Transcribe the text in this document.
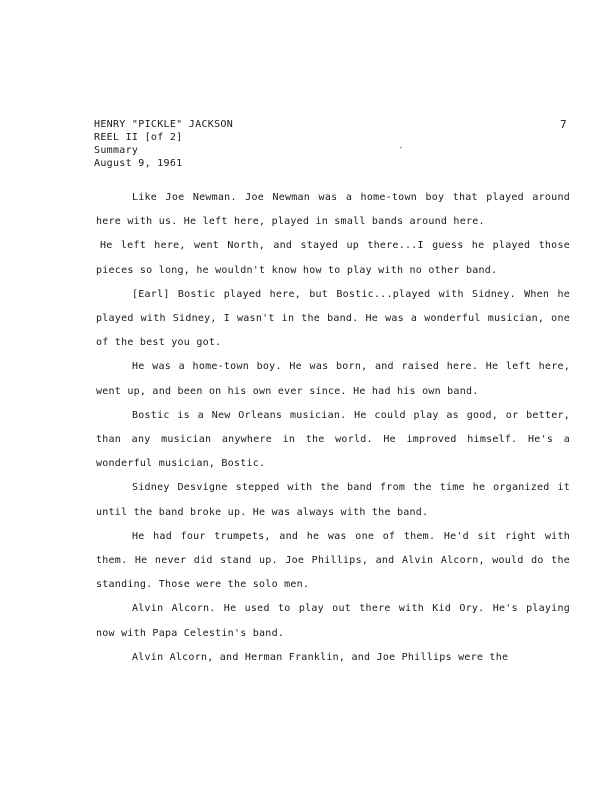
HENRY "PICKLE" JACKSON
REEL II [of 2]
Summary
August 9, 1961
7
ˏ

Like Joe Newman. Joe Newman was a home-town boy that played around here with us. He left here, played in small bands around here.

He left here, went North, and stayed up there...I guess he played those pieces so long, he wouldn't know how to play with no other band.

[Earl] Bostic played here, but Bostic...played with Sidney. When he played with Sidney, I wasn't in the band. He was a wonderful musician, one of the best you got.

He was a home-town boy. He was born, and raised here. He left here, went up, and been on his own ever since. He had his own band.

Bostic is a New Orleans musician. He could play as good, or better, than any musician anywhere in the world. He improved himself. He's a wonderful musician, Bostic.

Sidney Desvigne stepped with the band from the time he organized it until the band broke up. He was always with the band.

He had four trumpets, and he was one of them. He'd sit right with them. He never did stand up. Joe Phillips, and Alvin Alcorn, would do the standing. Those were the solo men.

Alvin Alcorn. He used to play out there with Kid Ory. He's playing now with Papa Celestin's band.

Alvin Alcorn, and Herman Franklin, and Joe Phillips were the
